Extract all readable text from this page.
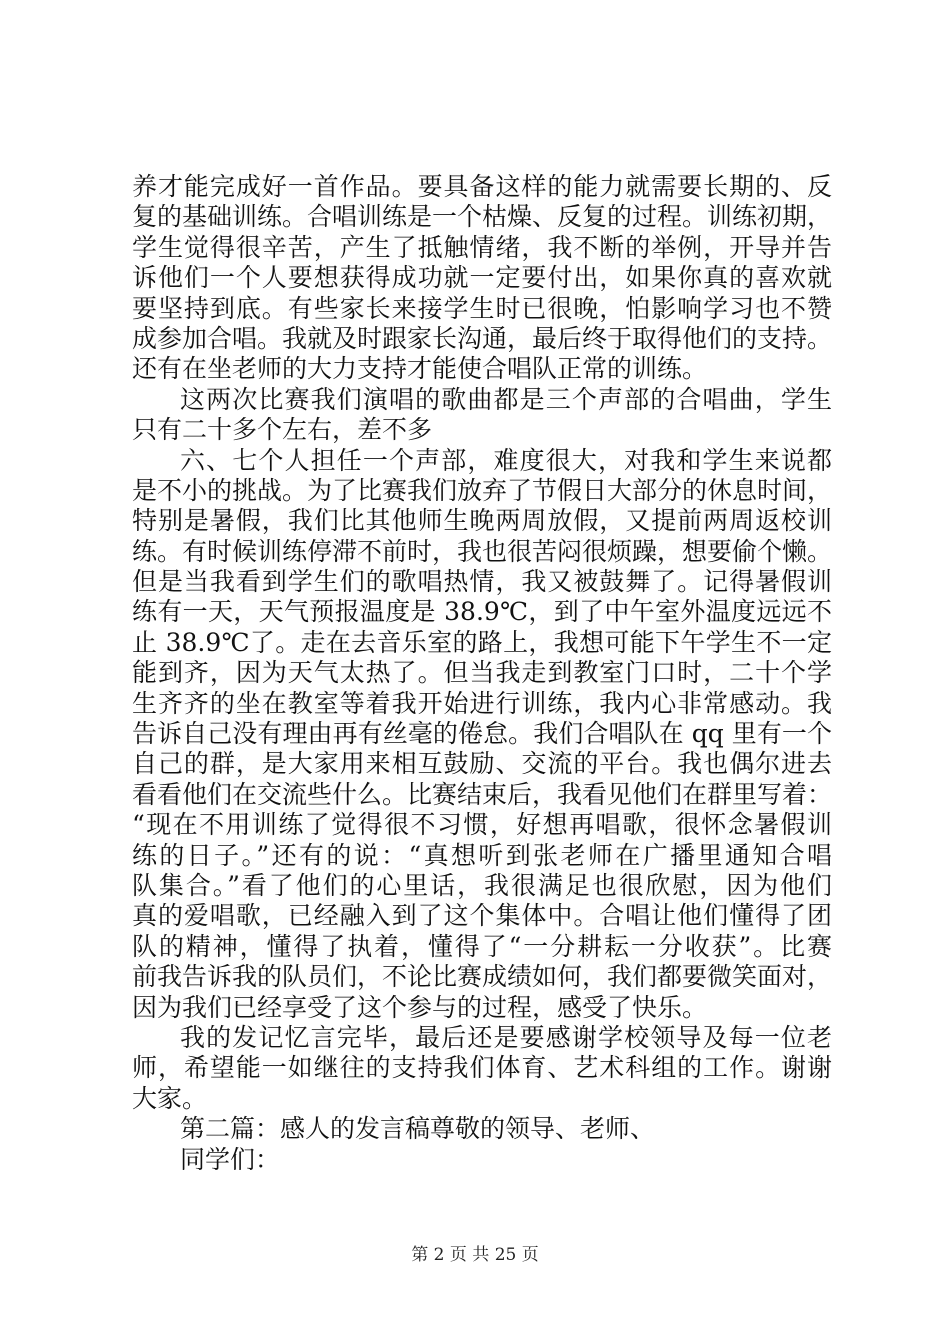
养才能完成好一首作品。要具备这样的能力就需要长期的、反
复的基础训练。合唱训练是一个枯燥、反复的过程。训练初期，
学生觉得很辛苦，产生了抵触情绪，我不断的举例，开导并告
诉他们一个人要想获得成功就一定要付出，如果你真的喜欢就
要坚持到底。有些家长来接学生时已很晚，怕影响学习也不赞
成参加合唱。我就及时跟家长沟通，最后终于取得他们的支持。
还有在坐老师的大力支持才能使合唱队正常的训练。
这两次比赛我们演唱的歌曲都是三个声部的合唱曲，学生
只有二十多个左右，差不多
六、七个人担任一个声部，难度很大，对我和学生来说都
是不小的挑战。为了比赛我们放弃了节假日大部分的休息时间，
特别是暑假，我们比其他师生晚两周放假，又提前两周返校训
练。有时候训练停滞不前时，我也很苦闷很烦躁，想要偷个懒。
但是当我看到学生们的歌唱热情，我又被鼓舞了。记得暑假训
练有一天，天气预报温度是 38.9℃，到了中午室外温度远远不
止 38.9℃了。走在去音乐室的路上，我想可能下午学生不一定
能到齐，因为天气太热了。但当我走到教室门口时，二十个学
生齐齐的坐在教室等着我开始进行训练，我内心非常感动。我
告诉自己没有理由再有丝毫的倦怠。我们合唱队在 qq 里有一个
自己的群，是大家用来相互鼓励、交流的平台。我也偶尔进去
看看他们在交流些什么。比赛结束后，我看见他们在群里写着：
“现在不用训练了觉得很不习惯，好想再唱歌，很怀念暑假训
练的日子。”还有的说：“真想听到张老师在广播里通知合唱
队集合。”看了他们的心里话，我很满足也很欣慰，因为他们
真的爱唱歌，已经融入到了这个集体中。合唱让他们懂得了团
队的精神，懂得了执着，懂得了“一分耕耘一分收获”。比赛
前我告诉我的队员们，不论比赛成绩如何，我们都要微笑面对，
因为我们已经享受了这个参与的过程，感受了快乐。
我的发记忆言完毕，最后还是要感谢学校领导及每一位老
师，希望能一如继往的支持我们体育、艺术科组的工作。谢谢
大家。
第二篇：感人的发言稿尊敬的领导、老师、
同学们：
第 2 页 共 25 页
